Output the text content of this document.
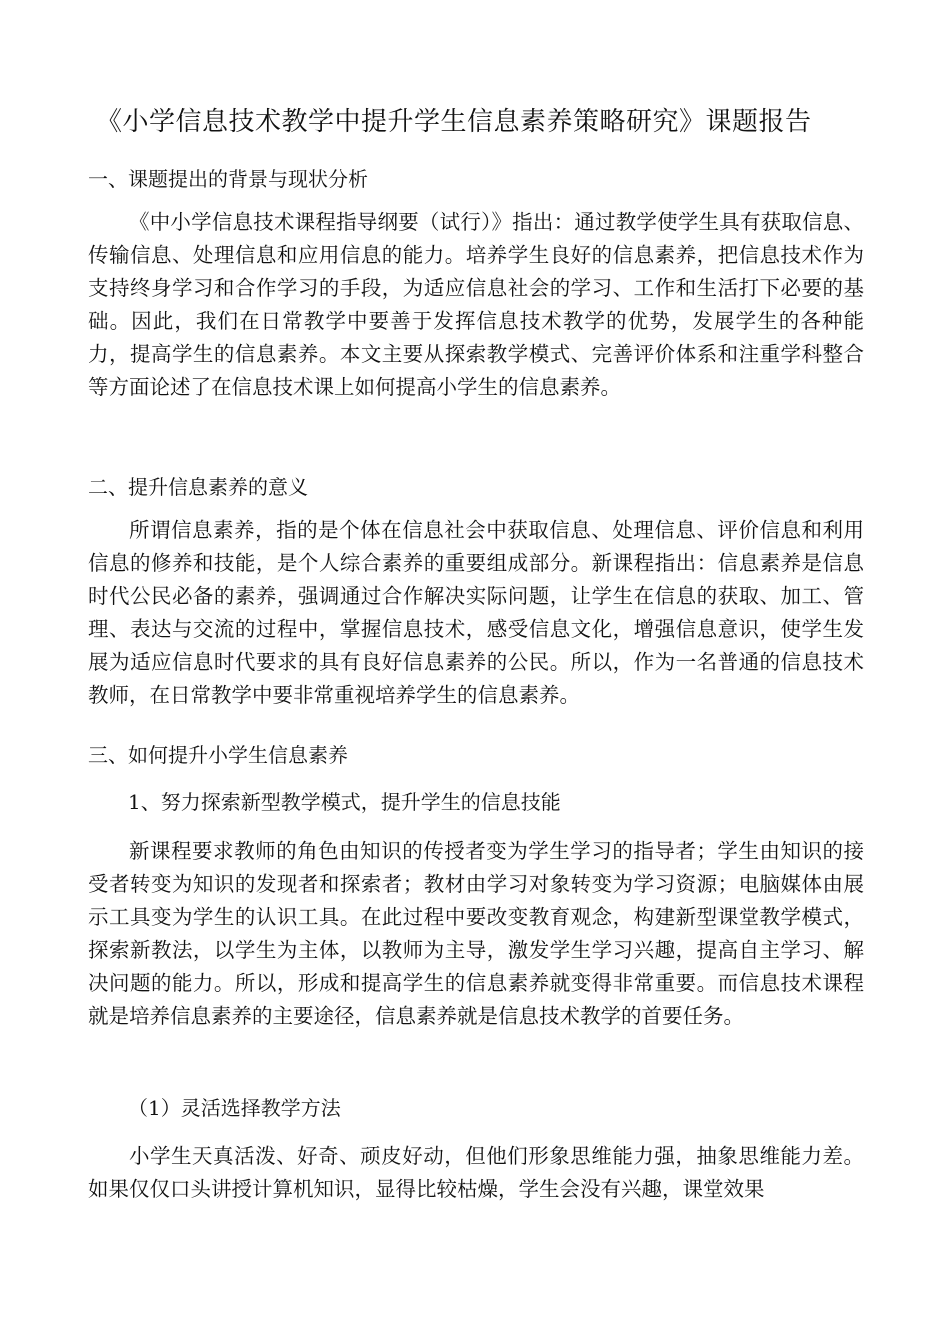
《小学信息技术教学中提升学生信息素养策略研究》课题报告
一、课题提出的背景与现状分析

《中小学信息技术课程指导纲要（试行）》指出：通过教学使学生具有获取信息、传输信息、处理信息和应用信息的能力。培养学生良好的信息素养，把信息技术作为支持终身学习和合作学习的手段，为适应信息社会的学习、工作和生活打下必要的基础。因此，我们在日常教学中要善于发挥信息技术教学的优势，发展学生的各种能力，提高学生的信息素养。本文主要从探索教学模式、完善评价体系和注重学科整合等方面论述了在信息技术课上如何提高小学生的信息素养。

二、提升信息素养的意义

所谓信息素养，指的是个体在信息社会中获取信息、处理信息、评价信息和利用信息的修养和技能，是个人综合素养的重要组成部分。新课程指出：信息素养是信息时代公民必备的素养，强调通过合作解决实际问题，让学生在信息的获取、加工、管理、表达与交流的过程中，掌握信息技术，感受信息文化，增强信息意识，使学生发展为适应信息时代要求的具有良好信息素养的公民。所以，作为一名普通的信息技术教师，在日常教学中要非常重视培养学生的信息素养。

三、如何提升小学生信息素养
1、努力探索新型教学模式，提升学生的信息技能

新课程要求教师的角色由知识的传授者变为学生学习的指导者；学生由知识的接受者转变为知识的发现者和探索者；教材由学习对象转变为学习资源；电脑媒体由展示工具变为学生的认识工具。在此过程中要改变教育观念，构建新型课堂教学模式，探索新教法，以学生为主体，以教师为主导，激发学生学习兴趣，提高自主学习、解决问题的能力。所以，形成和提高学生的信息素养就变得非常重要。而信息技术课程就是培养信息素养的主要途径，信息素养就是信息技术教学的首要任务。

（1）灵活选择教学方法

小学生天真活泼、好奇、顽皮好动，但他们形象思维能力强，抽象思维能力差。如果仅仅口头讲授计算机知识，显得比较枯燥，学生会没有兴趣，课堂效果
